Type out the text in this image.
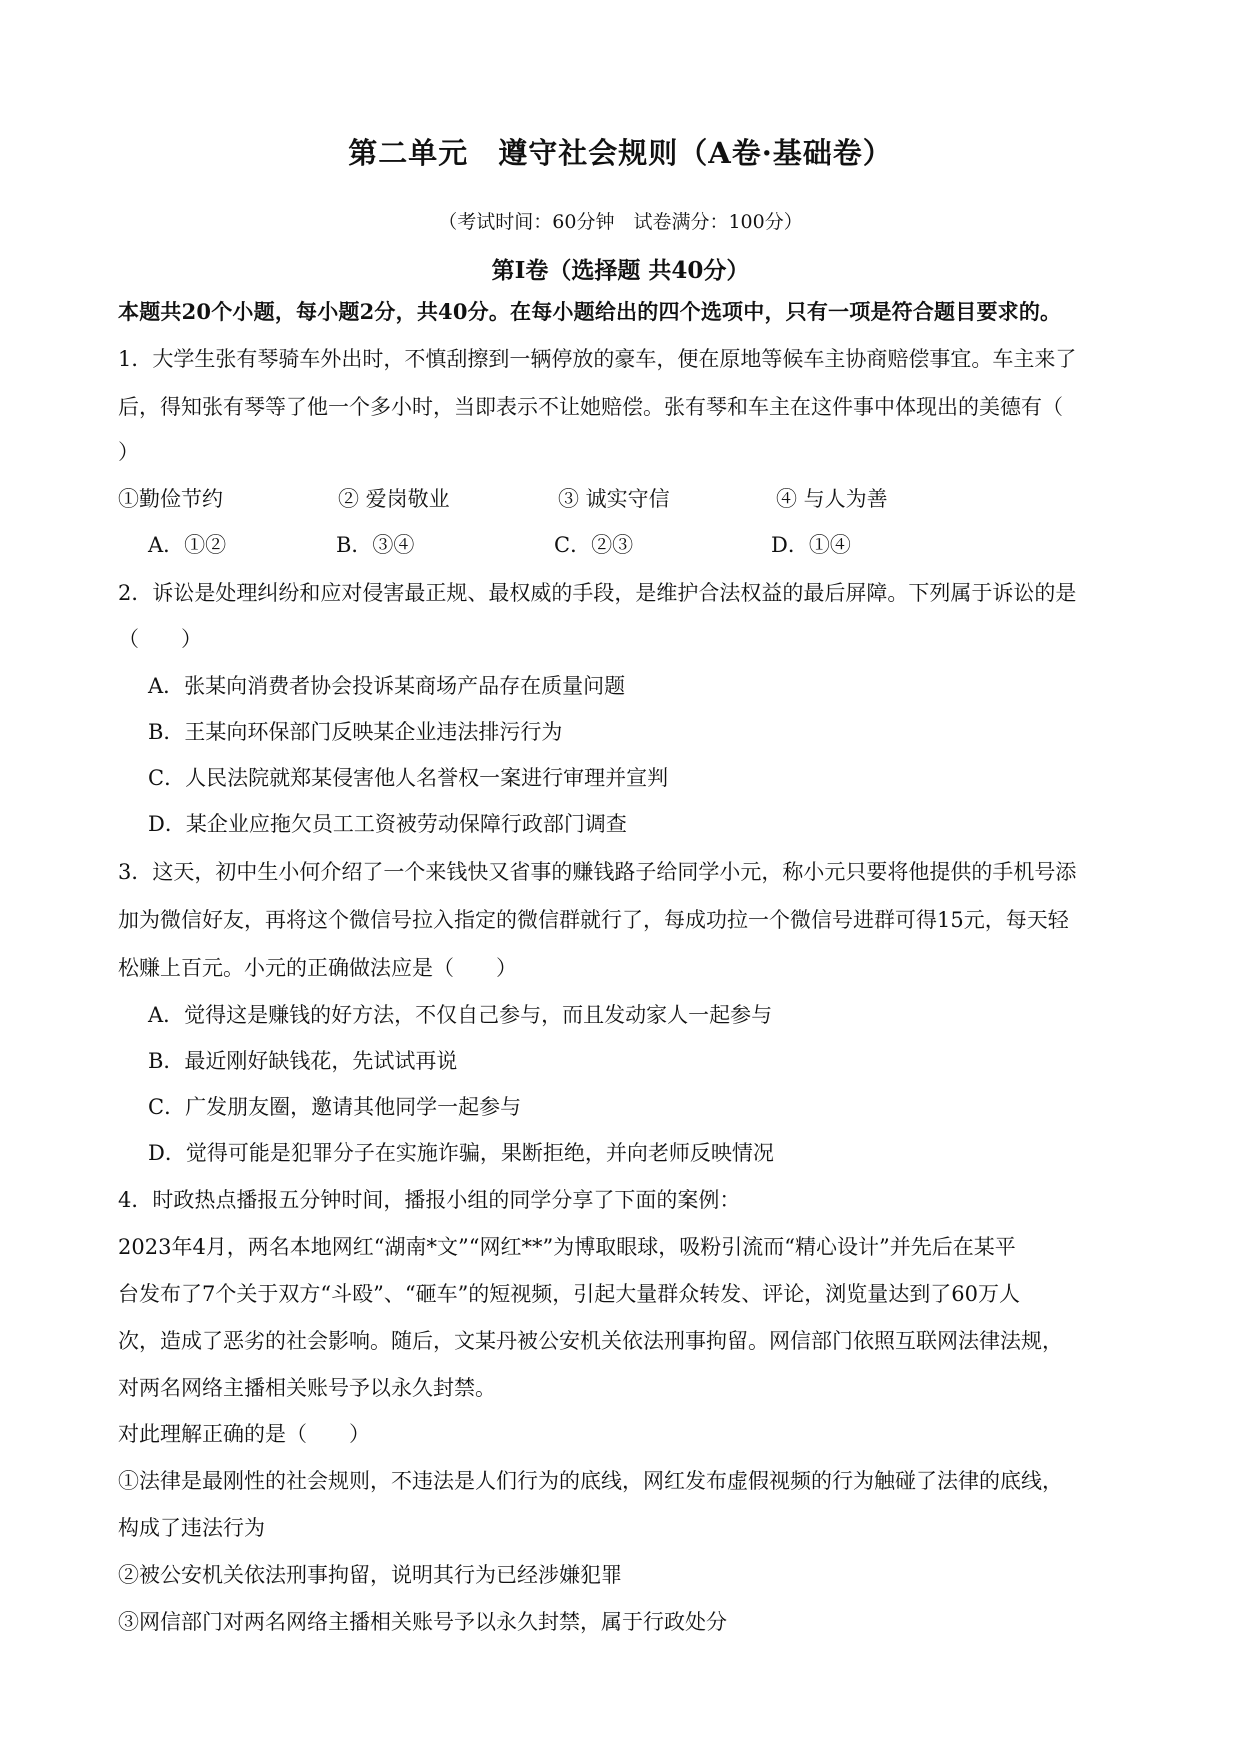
第二单元　遵守社会规则（A卷·基础卷）
（考试时间：60分钟　试卷满分：100分）
第Ⅰ卷（选择题 共40分）
本题共20个小题，每小题2分，共40分。在每小题给出的四个选项中，只有一项是符合题目要求的。
1．大学生张有琴骑车外出时，不慎刮擦到一辆停放的豪车，便在原地等候车主协商赔偿事宜。车主来了
后，得知张有琴等了他一个多小时，当即表示不让她赔偿。张有琴和车主在这件事中体现出的美德有（
）
①勤俭节约	② 爱岗敬业	③ 诚实守信	④ 与人为善
A．①②	B．③④	C．②③	D．①④
2．诉讼是处理纠纷和应对侵害最正规、最权威的手段，是维护合法权益的最后屏障。下列属于诉讼的是
（　　）
A．张某向消费者协会投诉某商场产品存在质量问题
B．王某向环保部门反映某企业违法排污行为
C．人民法院就郑某侵害他人名誉权一案进行审理并宣判
D．某企业应拖欠员工工资被劳动保障行政部门调查
3．这天，初中生小何介绍了一个来钱快又省事的赚钱路子给同学小元，称小元只要将他提供的手机号添
加为微信好友，再将这个微信号拉入指定的微信群就行了，每成功拉一个微信号进群可得15元，每天轻
松赚上百元。小元的正确做法应是（　　）
A．觉得这是赚钱的好方法，不仅自己参与，而且发动家人一起参与
B．最近刚好缺钱花，先试试再说
C．广发朋友圈，邀请其他同学一起参与
D．觉得可能是犯罪分子在实施诈骗，果断拒绝，并向老师反映情况
4．时政热点播报五分钟时间，播报小组的同学分享了下面的案例：
2023年4月，两名本地网红“湖南*文”“网红**”为博取眼球，吸粉引流而“精心设计”并先后在某平
台发布了7个关于双方“斗殴”、“砸车”的短视频，引起大量群众转发、评论，浏览量达到了60万人
次，造成了恶劣的社会影响。随后，文某丹被公安机关依法刑事拘留。网信部门依照互联网法律法规，
对两名网络主播相关账号予以永久封禁。
对此理解正确的是（　　）
①法律是最刚性的社会规则，不违法是人们行为的底线，网红发布虚假视频的行为触碰了法律的底线，
构成了违法行为
②被公安机关依法刑事拘留，说明其行为已经涉嫌犯罪
③网信部门对两名网络主播相关账号予以永久封禁，属于行政处分
